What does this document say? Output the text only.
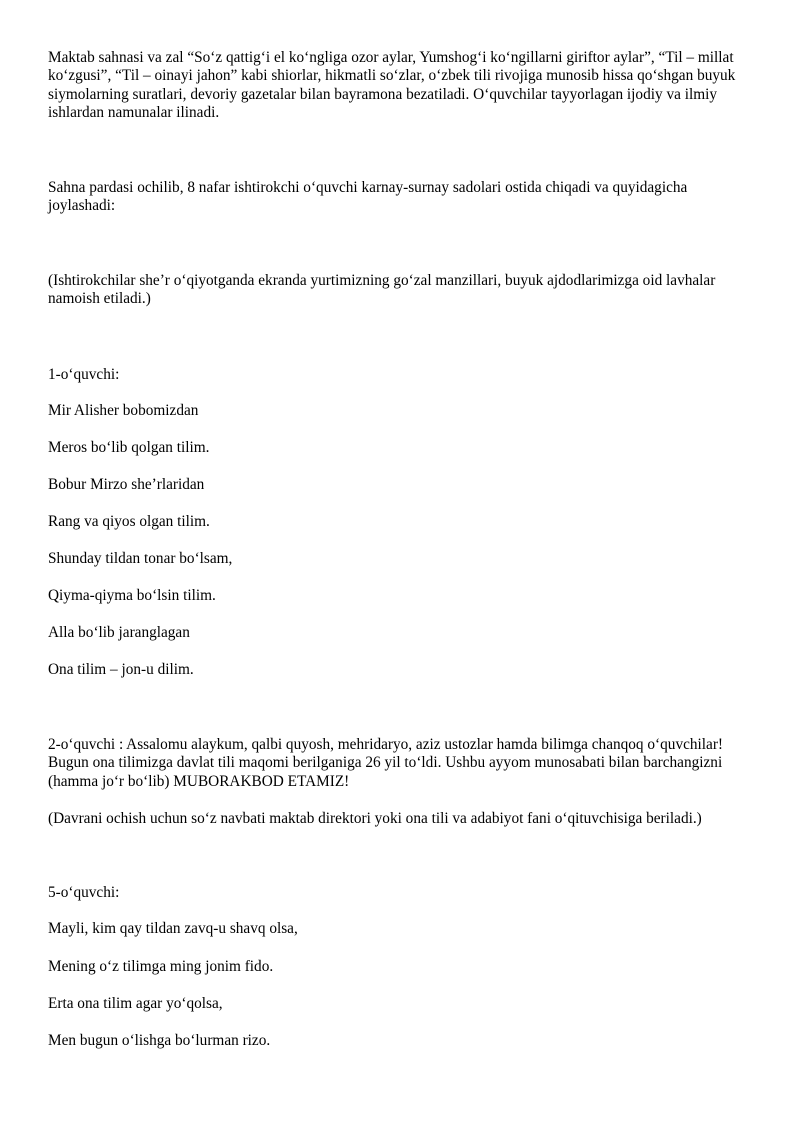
Maktab sahnasi va zal “So‘z qattig‘i el ko‘ngliga ozor aylar, Yumshog‘i ko‘ngillarni giriftor aylar”, “Til – millat ko‘zgusi”, “Til – oinayi jahon” kabi shiorlar, hikmatli so‘zlar, o‘zbek tili rivojiga munosib hissa qo‘shgan buyuk siymolarning suratlari, devoriy gazetalar bilan bayramona bezatiladi. O‘quvchilar tayyorlagan ijodiy va ilmiy ishlardan namunalar ilinadi.

Sahna pardasi ochilib, 8 nafar ishtirokchi o‘quvchi karnay-surnay sadolari ostida chiqadi va quyidagicha joylashadi:

(Ishtirokchilar she’r o‘qiyotganda ekranda yurtimizning go‘zal manzillari, buyuk ajdodlarimizga oid lavhalar namoish etiladi.)

1-o‘quvchi:

Mir Alisher bobomizdan

Meros bo‘lib qolgan tilim.

Bobur Mirzo she’rlaridan

Rang va qiyos olgan tilim.

Shunday tildan tonar bo‘lsam,

Qiyma-qiyma bo‘lsin tilim.

Alla bo‘lib jaranglagan

Ona tilim – jon-u dilim.

2-o‘quvchi : Assalomu alaykum, qalbi quyosh, mehridaryo, aziz ustozlar hamda bilimga chanqoq o‘quvchilar! Bugun ona tilimizga davlat tili maqomi berilganiga 26 yil to‘ldi. Ushbu ayyom munosabati bilan barchangizni (hamma jo‘r bo‘lib) MUBORAKBOD ETAMIZ!

(Davrani ochish uchun so‘z navbati maktab direktori yoki ona tili va adabiyot fani o‘qituvchisiga beriladi.)

5-o‘quvchi:

Mayli, kim qay tildan zavq-u shavq olsa,

Mening o‘z tilimga ming jonim fido.

Erta ona tilim agar yo‘qolsa,

Men bugun o‘lishga bo‘lurman rizo.
